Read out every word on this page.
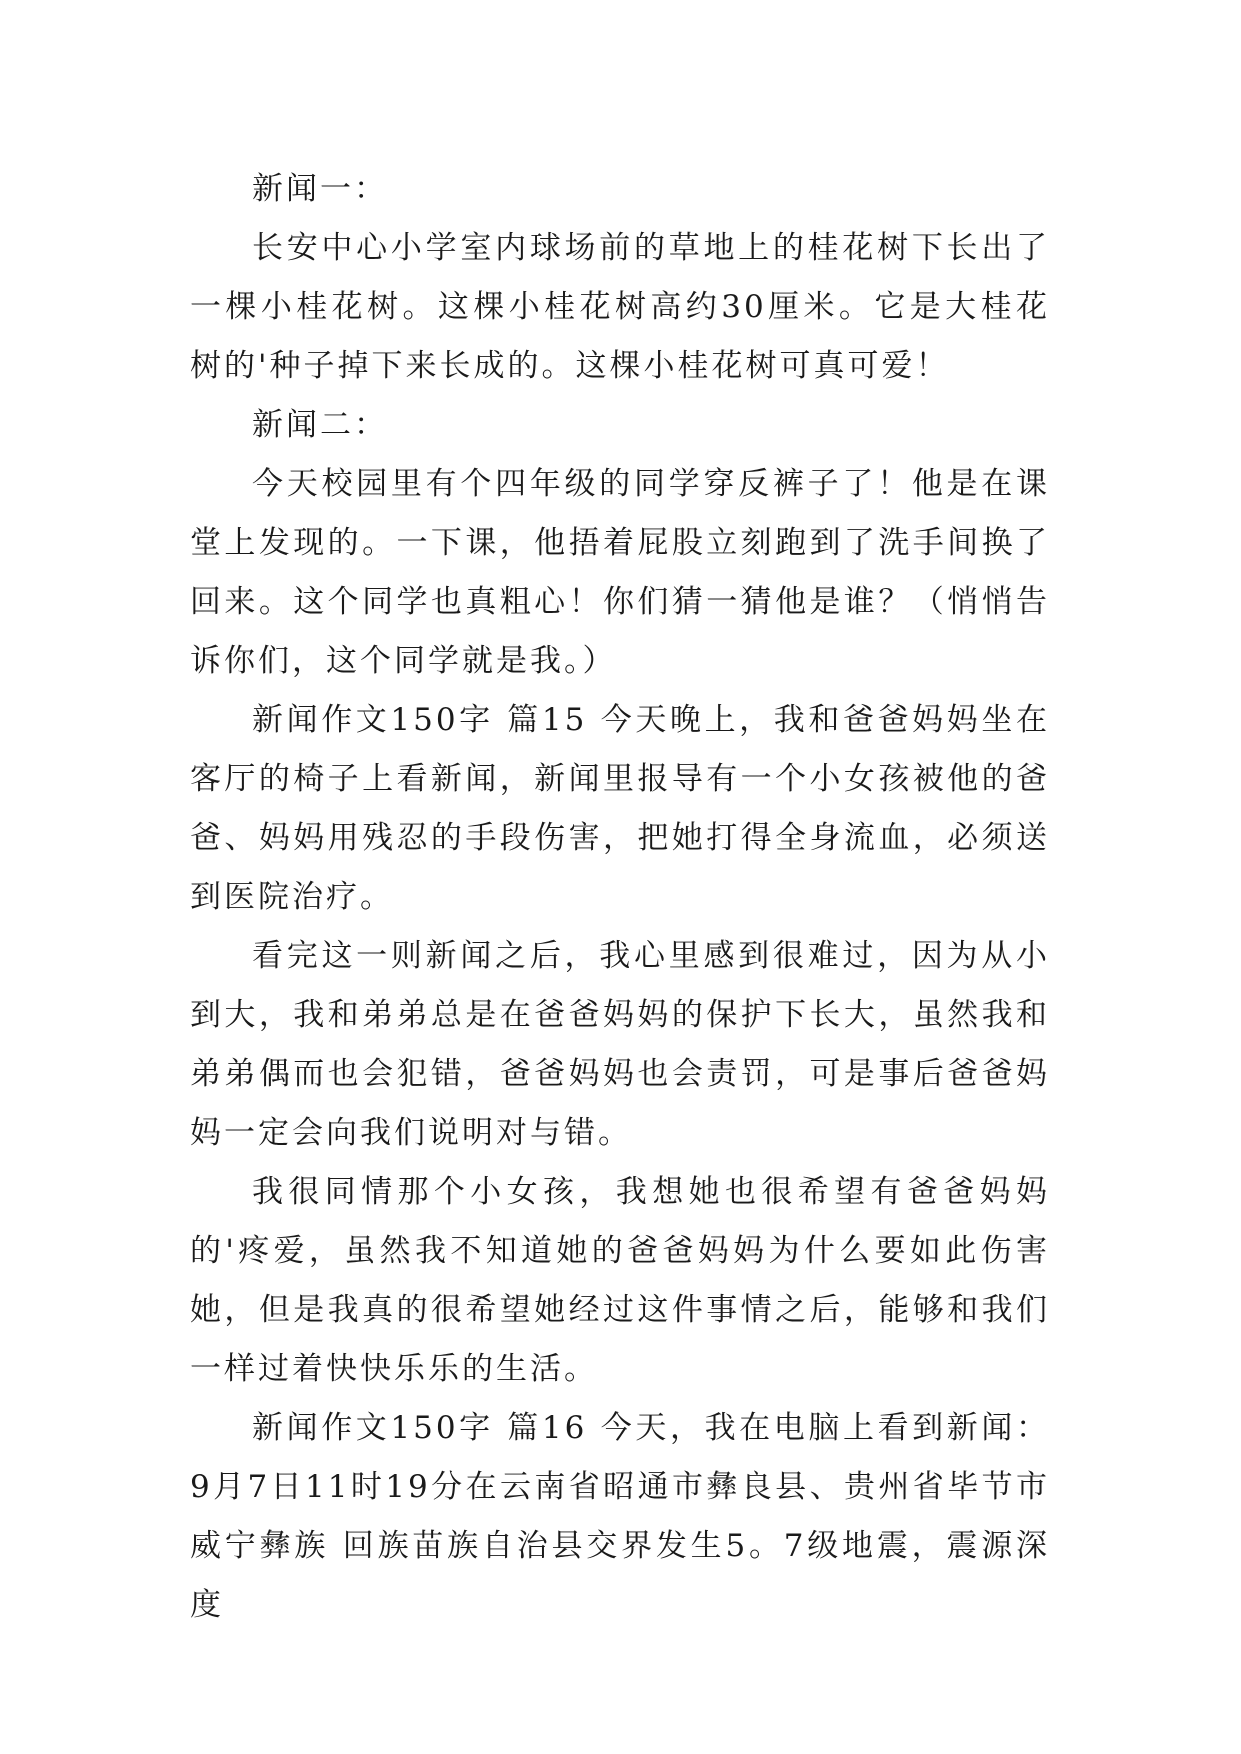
新闻一：

长安中心小学室内球场前的草地上的桂花树下长出了一棵小桂花树。这棵小桂花树高约30厘米。它是大桂花树的'种子掉下来长成的。这棵小桂花树可真可爱！

新闻二：

今天校园里有个四年级的同学穿反裤子了！他是在课堂上发现的。一下课，他捂着屁股立刻跑到了洗手间换了回来。这个同学也真粗心！你们猜一猜他是谁？（悄悄告诉你们，这个同学就是我。）

新闻作文150字 篇15 今天晚上，我和爸爸妈妈坐在客厅的椅子上看新闻，新闻里报导有一个小女孩被他的爸爸、妈妈用残忍的手段伤害，把她打得全身流血，必须送到医院治疗。

看完这一则新闻之后，我心里感到很难过，因为从小到大，我和弟弟总是在爸爸妈妈的保护下长大，虽然我和弟弟偶而也会犯错，爸爸妈妈也会责罚，可是事后爸爸妈妈一定会向我们说明对与错。

我很同情那个小女孩，我想她也很希望有爸爸妈妈的'疼爱，虽然我不知道她的爸爸妈妈为什么要如此伤害她，但是我真的很希望她经过这件事情之后，能够和我们一样过着快快乐乐的生活。

新闻作文150字 篇16 今天，我在电脑上看到新闻：9月7日11时19分在云南省昭通市彝良县、贵州省毕节市威宁彝族 回族苗族自治县交界发生5。7级地震，震源深度
